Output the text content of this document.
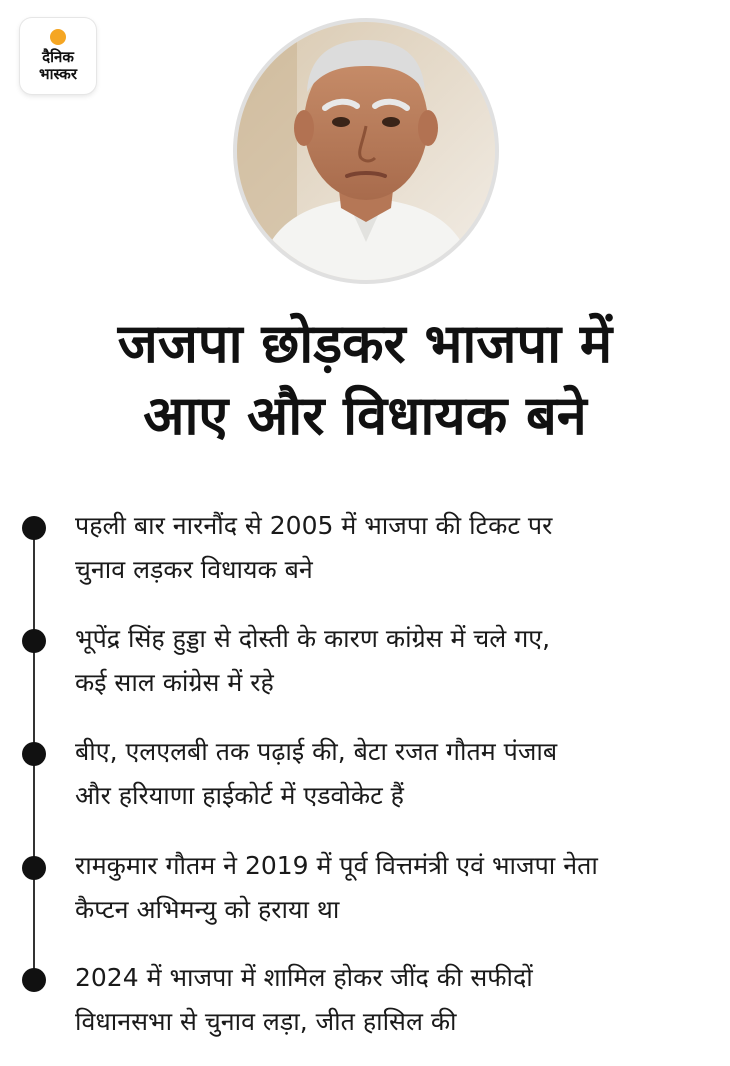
दैनिक
भास्कर
जजपा छोड़कर भाजपा में
आए और विधायक बने
पहली बार नारनौंद से 2005 में भाजपा की टिकट पर
चुनाव लड़कर विधायक बने
भूपेंद्र सिंह हुड्डा से दोस्ती के कारण कांग्रेस में चले गए,
कई साल कांग्रेस में रहे
बीए, एलएलबी तक पढ़ाई की, बेटा रजत गौतम पंजाब
और हरियाणा हाईकोर्ट में एडवोकेट हैं
रामकुमार गौतम ने 2019 में पूर्व वित्तमंत्री एवं भाजपा नेता
कैप्टन अभिमन्यु को हराया था
2024 में भाजपा में शामिल होकर जींद की सफीदों
विधानसभा से चुनाव लड़ा, जीत हासिल की
